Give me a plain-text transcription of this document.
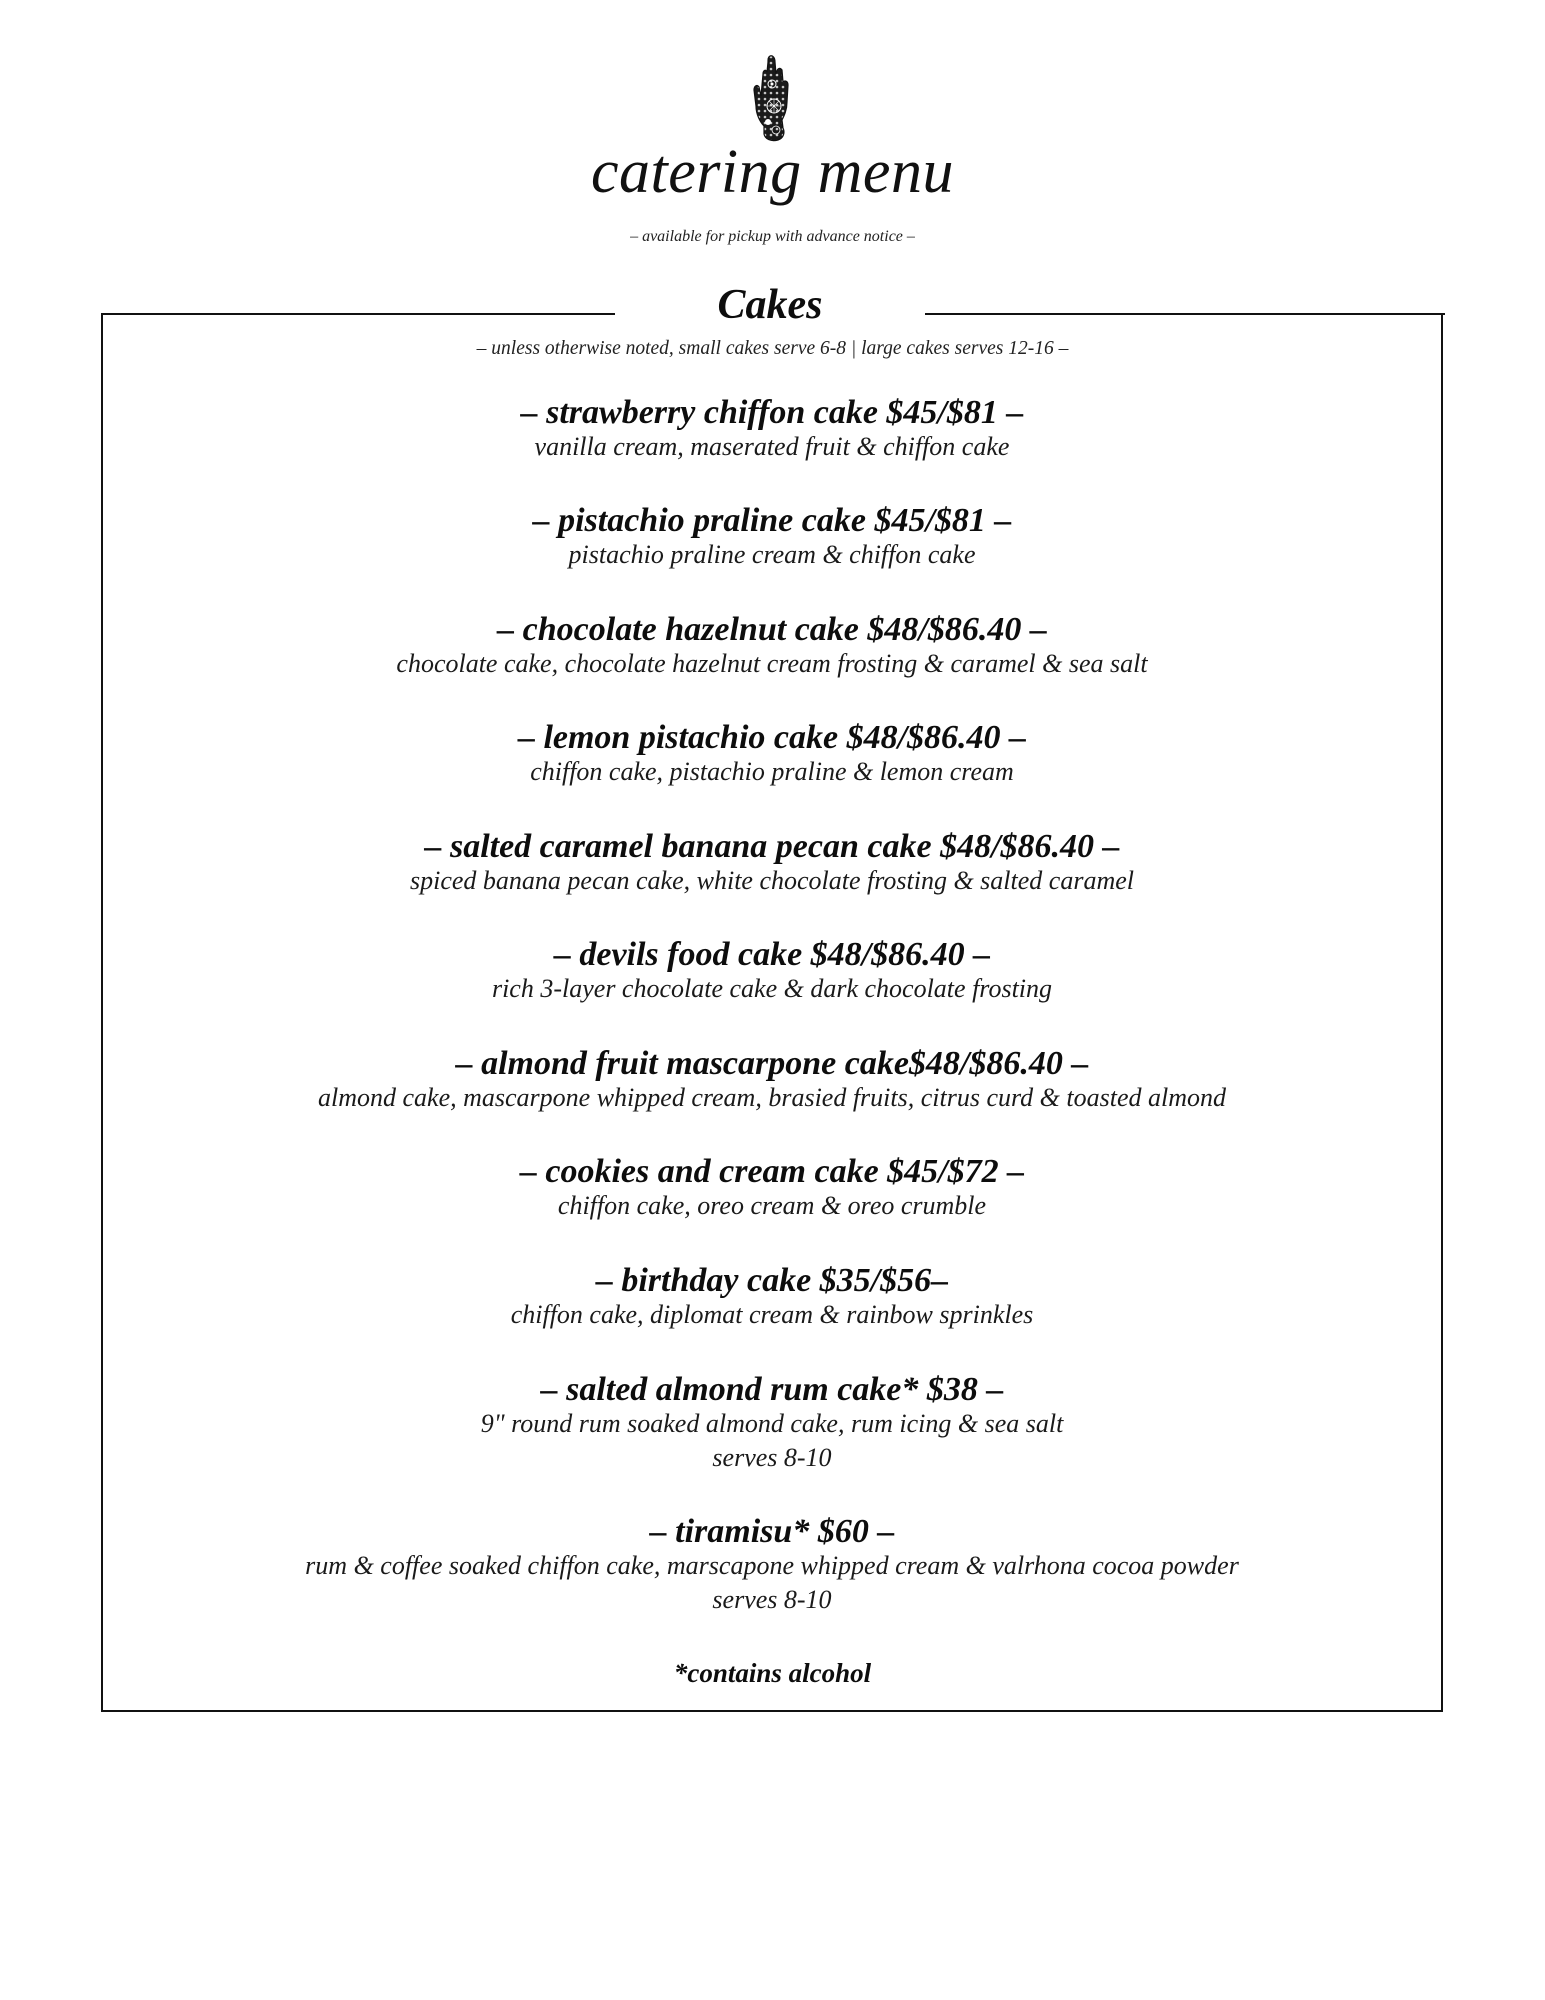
catering menu
– available for pickup with advance notice –
Cakes
– unless otherwise noted, small cakes serve 6-8 | large cakes serves 12-16 –
– strawberry chiffon cake $45/$81 –
vanilla cream, maserated fruit & chiffon cake
– pistachio praline cake $45/$81 –
pistachio praline cream & chiffon cake
– chocolate hazelnut cake $48/$86.40 –
chocolate cake, chocolate hazelnut cream frosting & caramel & sea salt
– lemon pistachio cake $48/$86.40 –
chiffon cake, pistachio praline & lemon cream
– salted caramel banana pecan cake $48/$86.40 –
spiced banana pecan cake, white chocolate frosting & salted caramel
– devils food cake $48/$86.40 –
rich 3-layer chocolate cake & dark chocolate frosting
– almond fruit mascarpone cake$48/$86.40 –
almond cake, mascarpone whipped cream, brasied fruits, citrus curd & toasted almond
– cookies and cream cake $45/$72 –
chiffon cake, oreo cream & oreo crumble
– birthday cake $35/$56–
chiffon cake, diplomat cream & rainbow sprinkles
– salted almond rum cake* $38 –
9" round rum soaked almond cake, rum icing & sea salt
serves 8-10
– tiramisu* $60 –
rum & coffee soaked chiffon cake, marscapone whipped cream & valrhona cocoa powder
serves 8-10
*contains alcohol
